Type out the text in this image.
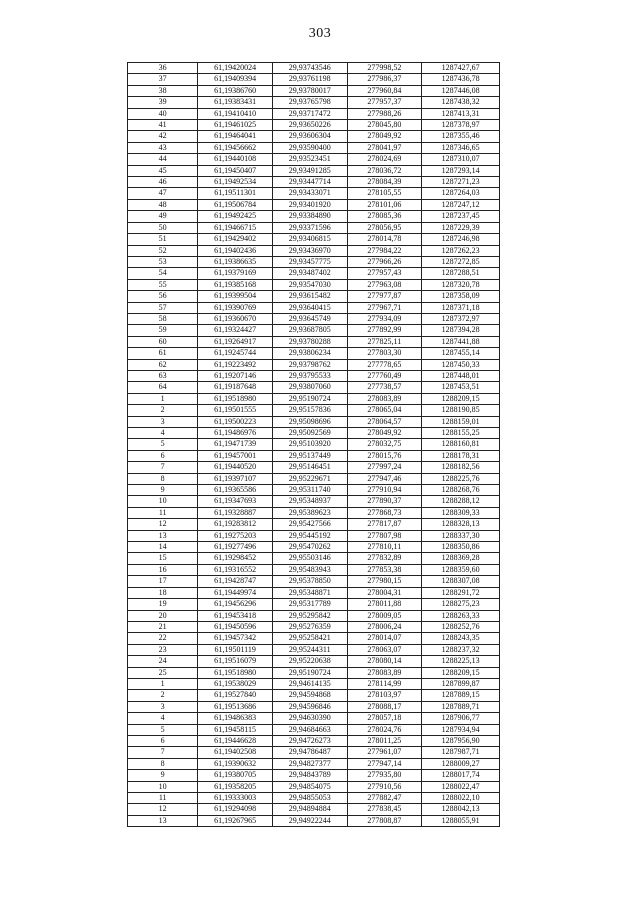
303
36	61,19420024	29,93743546	277998,52	1287427,67
37	61,19409394	29,93761198	277986,37	1287436,78
38	61,19386760	29,93780017	277960,84	1287446,08
39	61,19383431	29,93765798	277957,37	1287438,32
40	61,19410410	29,93717472	277988,26	1287413,31
41	61,19461025	29,93650226	278045,80	1287378,97
42	61,19464041	29,93606304	278049,92	1287355,46
43	61,19456662	29,93590400	278041,97	1287346,65
44	61,19440108	29,93523451	278024,69	1287310,07
45	61,19450407	29,93491285	278036,72	1287293,14
46	61,19492534	29,93447714	278084,39	1287271,23
47	61,19511301	29,93433071	278105,55	1287264,03
48	61,19506784	29,93401920	278101,06	1287247,12
49	61,19492425	29,93384890	278085,36	1287237,45
50	61,19466715	29,93371596	278056,95	1287229,39
51	61,19429402	29,93406815	278014,78	1287246,98
52	61,19402436	29,93436970	277984,22	1287262,23
53	61,19386635	29,93457775	277966,26	1287272,85
54	61,19379169	29,93487402	277957,43	1287288,51
55	61,19385168	29,93547030	277963,08	1287320,78
56	61,19399504	29,93615482	277977,87	1287358,09
57	61,19390769	29,93640415	277967,71	1287371,18
58	61,19360670	29,93645749	277934,09	1287372,97
59	61,19324427	29,93687805	277892,99	1287394,28
60	61,19264917	29,93780288	277825,11	1287441,88
61	61,19245744	29,93806234	277803,30	1287455,14
62	61,19223492	29,93798762	277778,65	1287450,33
63	61,19207146	29,93795533	277760,49	1287448,01
64	61,19187648	29,93807060	277738,57	1287453,51
1	61,19518980	29,95190724	278083,89	1288209,15
2	61,19501555	29,95157836	278065,04	1288190,85
3	61,19500223	29,95098696	278064,57	1288159,01
4	61,19486976	29,95092569	278049,92	1288155,25
5	61,19471739	29,95103920	278032,75	1288160,81
6	61,19457001	29,95137449	278015,76	1288178,31
7	61,19440520	29,95146451	277997,24	1288182,56
8	61,19397107	29,95229671	277947,46	1288225,76
9	61,19365586	29,95311740	277910,94	1288268,76
10	61,19347693	29,95348937	277890,37	1288288,12
11	61,19328887	29,95389623	277868,73	1288309,33
12	61,19283812	29,95427566	277817,87	1288328,13
13	61,19275203	29,95445192	277807,98	1288337,30
14	61,19277496	29,95470262	277810,11	1288350,86
15	61,19298452	29,95503146	277832,89	1288369,28
16	61,19316552	29,95483943	277853,38	1288359,60
17	61,19428747	29,95378850	277980,15	1288307,08
18	61,19449974	29,95348871	278004,31	1288291,72
19	61,19456296	29,95317789	278011,88	1288275,23
20	61,19453418	29,95295842	278009,05	1288263,33
21	61,19450596	29,95276359	278006,24	1288252,76
22	61,19457342	29,95258421	278014,07	1288243,35
23	61,19501119	29,95244311	278063,07	1288237,32
24	61,19516079	29,95220638	278080,14	1288225,13
25	61,19518980	29,95190724	278083,89	1288209,15
1	61,19538029	29,94614135	278114,99	1287899,87
2	61,19527840	29,94594868	278103,97	1287889,15
3	61,19513686	29,94596846	278088,17	1287889,71
4	61,19486383	29,94630390	278057,18	1287906,77
5	61,19458115	29,94684663	278024,76	1287934,94
6	61,19446628	29,94726273	278011,25	1287956,90
7	61,19402508	29,94786487	277961,07	1287987,71
8	61,19390632	29,94827377	277947,14	1288009,27
9	61,19380705	29,94843789	277935,80	1288017,74
10	61,19358205	29,94854075	277910,56	1288022,47
11	61,19333003	29,94855053	277882,47	1288022,10
12	61,19294098	29,94894884	277838,45	1288042,13
13	61,19267965	29,94922244	277808,87	1288055,91
